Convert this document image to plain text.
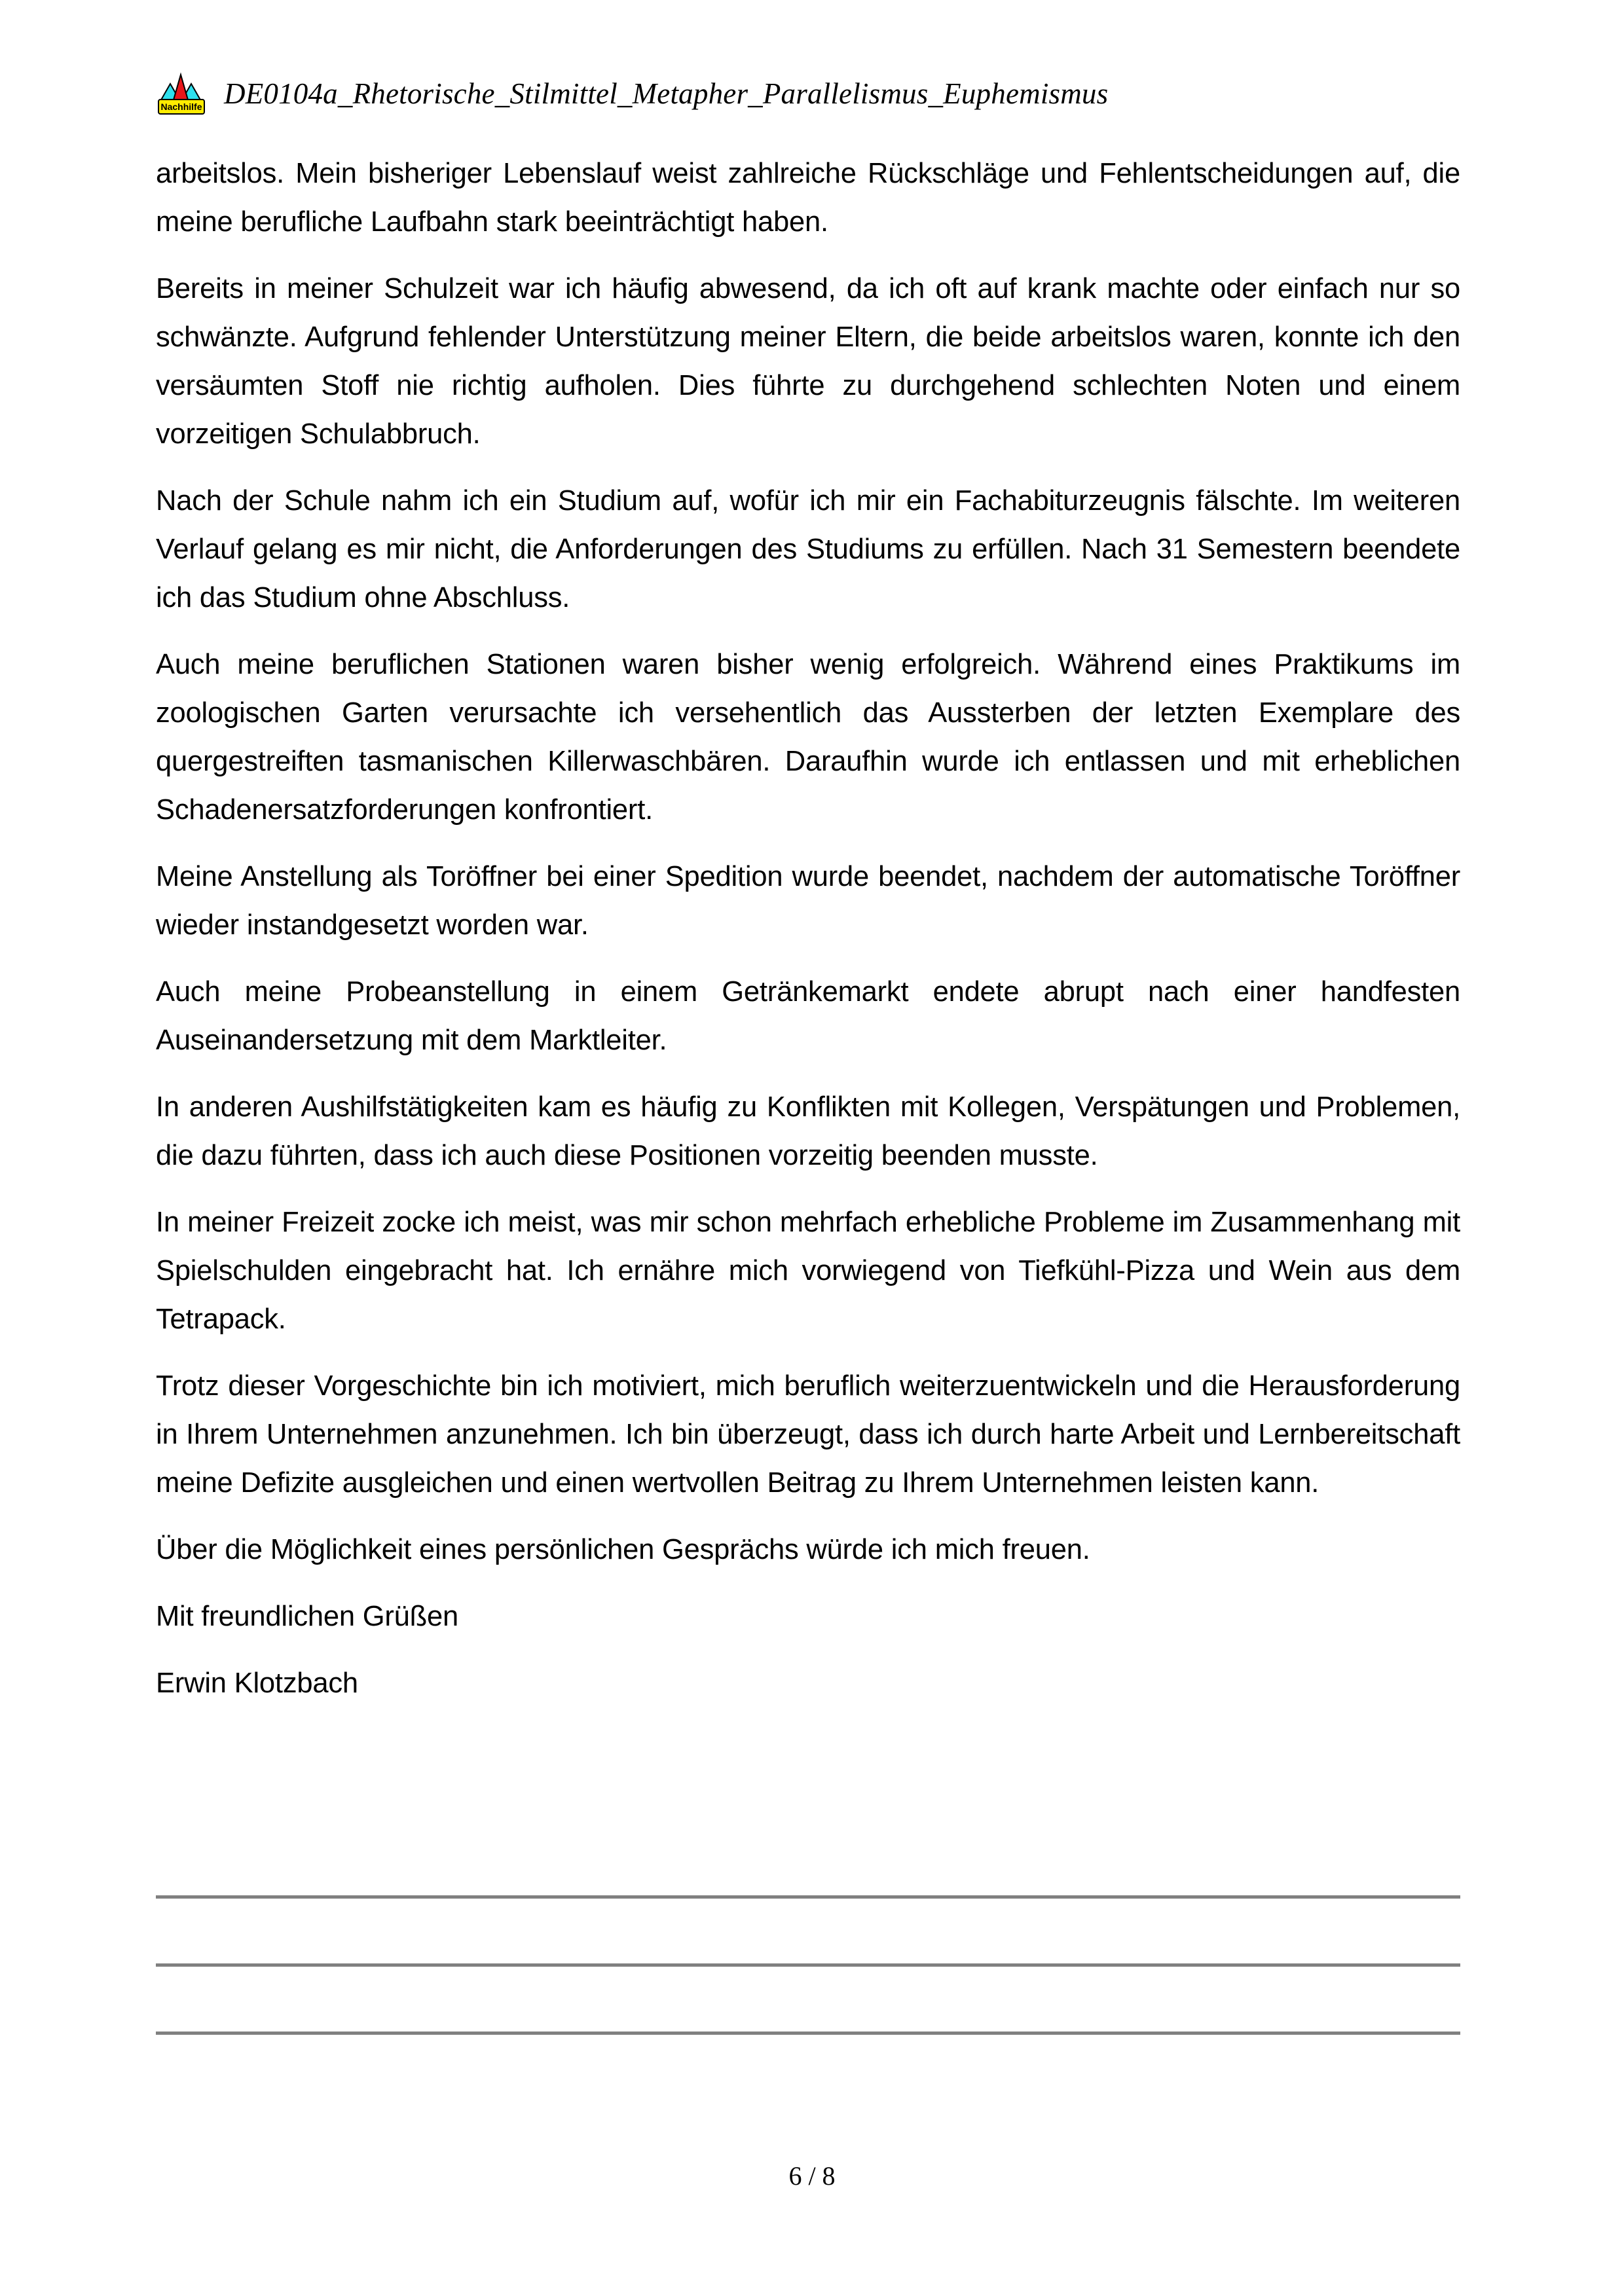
Nachhilfe DE0104a_Rhetorische_Stilmittel_Metapher_Parallelismus_Euphemismus

arbeitslos. Mein bisheriger Lebenslauf weist zahlreiche Rückschläge und Fehlentscheidungen auf, die meine berufliche Laufbahn stark beeinträchtigt haben.

Bereits in meiner Schulzeit war ich häufig abwesend, da ich oft auf krank machte oder einfach nur so schwänzte. Aufgrund fehlender Unterstützung meiner Eltern, die beide arbeitslos waren, konnte ich den versäumten Stoff nie richtig aufholen. Dies führte zu durchgehend schlechten Noten und einem vorzeitigen Schulabbruch.

Nach der Schule nahm ich ein Studium auf, wofür ich mir ein Fachabiturzeugnis fälschte. Im weiteren Verlauf gelang es mir nicht, die Anforderungen des Studiums zu erfüllen. Nach 31 Semestern beendete ich das Studium ohne Abschluss.

Auch meine beruflichen Stationen waren bisher wenig erfolgreich. Während eines Praktikums im zoologischen Garten verursachte ich versehentlich das Aussterben der letzten Exemplare des quergestreiften tasmanischen Killerwaschbären. Daraufhin wurde ich entlassen und mit erheblichen Schadenersatzforderungen konfrontiert.

Meine Anstellung als Toröffner bei einer Spedition wurde beendet, nachdem der automatische Toröffner wieder instandgesetzt worden war.

Auch meine Probeanstellung in einem Getränkemarkt endete abrupt nach einer handfesten Auseinandersetzung mit dem Marktleiter.

In anderen Aushilfstätigkeiten kam es häufig zu Konflikten mit Kollegen, Verspätungen und Problemen, die dazu führten, dass ich auch diese Positionen vorzeitig beenden musste.

In meiner Freizeit zocke ich meist, was mir schon mehrfach erhebliche Probleme im Zusammenhang mit Spielschulden eingebracht hat. Ich ernähre mich vorwiegend von Tiefkühl-Pizza und Wein aus dem Tetrapack.

Trotz dieser Vorgeschichte bin ich motiviert, mich beruflich weiterzuentwickeln und die Herausforderung in Ihrem Unternehmen anzunehmen. Ich bin überzeugt, dass ich durch harte Arbeit und Lernbereitschaft meine Defizite ausgleichen und einen wertvollen Beitrag zu Ihrem Unternehmen leisten kann.

Über die Möglichkeit eines persönlichen Gesprächs würde ich mich freuen.

Mit freundlichen Grüßen

Erwin Klotzbach

6 / 8
